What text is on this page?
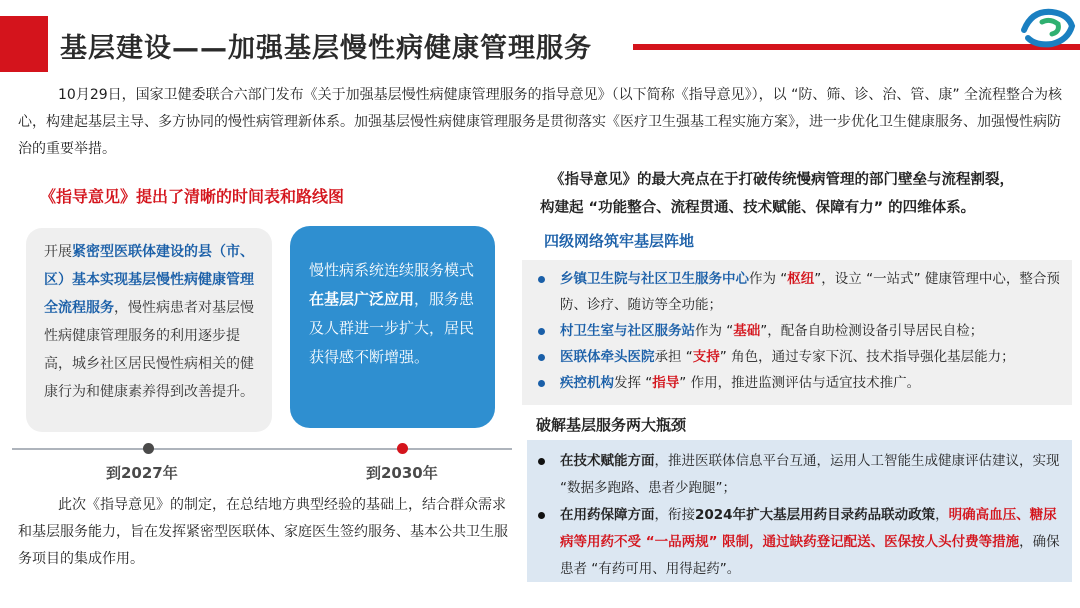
基层建设——加强基层慢性病健康管理服务
10月29日，国家卫健委联合六部门发布《关于加强基层慢性病健康管理服务的指导意见》（以下简称《指导意见》），以 “防、筛、诊、治、管、康” 全流程整合为核心，构建起基层主导、多方协同的慢性病管理新体系。加强基层慢性病健康管理服务是贯彻落实《医疗卫生强基工程实施方案》，进一步优化卫生健康服务、加强慢性病防治的重要举措。
《指导意见》提出了清晰的时间表和路线图
开展紧密型医联体建设的县（市、区）基本实现基层慢性病健康管理全流程服务，慢性病患者对基层慢性病健康管理服务的利用逐步提高，城乡社区居民慢性病相关的健康行为和健康素养得到改善提升。
慢性病系统连续服务模式在基层广泛应用，服务患及人群进一步扩大，居民获得感不断增强。
到2027年	到2030年
此次《指导意见》的制定，在总结地方典型经验的基础上，结合群众需求和基层服务能力，旨在发挥紧密型医联体、家庭医生签约服务、基本公共卫生服务项目的集成作用。
《指导意见》的最大亮点在于打破传统慢病管理的部门壁垒与流程割裂，
构建起 “功能整合、流程贯通、技术赋能、保障有力” 的四维体系。
四级网络筑牢基层阵地
乡镇卫生院与社区卫生服务中心作为 “枢纽”，设立 “一站式” 健康管理中心，整合预防、诊疗、随访等全功能；
村卫生室与社区服务站作为 “基础”，配备自助检测设备引导居民自检；
医联体牵头医院承担 “支持” 角色，通过专家下沉、技术指导强化基层能力；
疾控机构发挥 “指导” 作用，推进监测评估与适宜技术推广。
破解基层服务两大瓶颈
在技术赋能方面，推进医联体信息平台互通，运用人工智能生成健康评估建议，实现 “数据多跑路、患者少跑腿”；
在用药保障方面，衔接2024年扩大基层用药目录药品联动政策，明确高血压、糖尿病等用药不受 “一品两规” 限制，通过缺药登记配送、医保按人头付费等措施，确保患者 “有药可用、用得起药”。
